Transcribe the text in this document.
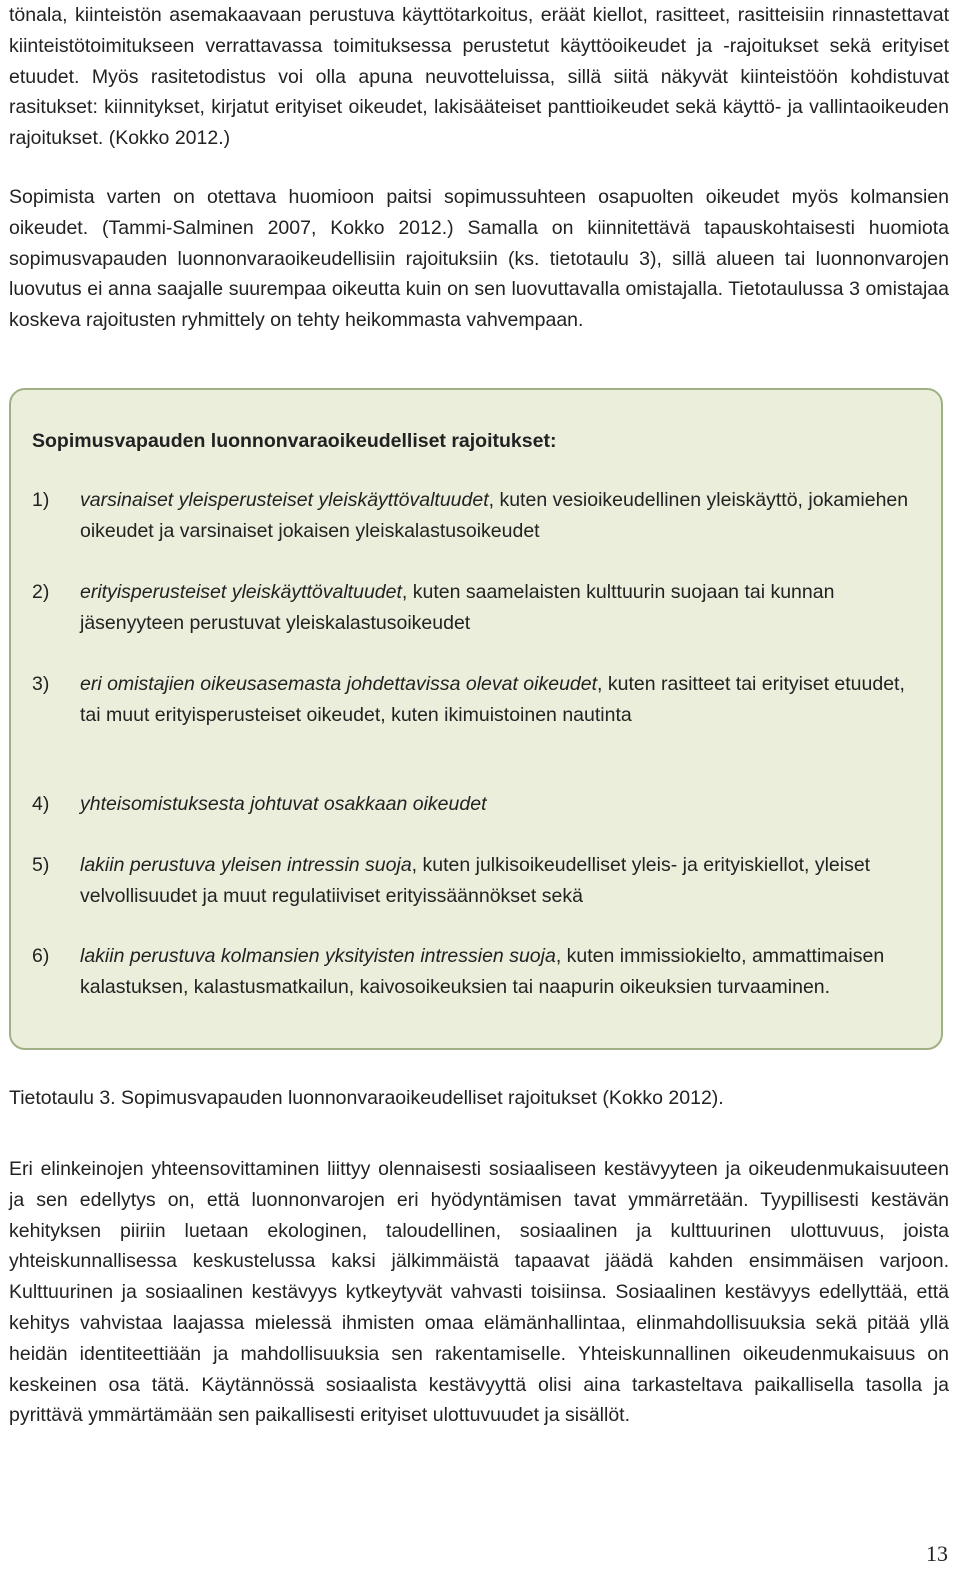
tönala, kiinteistön asemakaavaan perustuva käyttötarkoitus, eräät kiellot, rasitteet, rasitteisiin rinnastettavat kiinteistötoimitukseen verrattavassa toimituksessa perustetut käyttöoikeudet ja -rajoitukset sekä erityiset etuudet. Myös rasitetodistus voi olla apuna neuvotteluissa, sillä siitä näkyvät kiinteistöön kohdistuvat rasitukset: kiinnitykset, kirjatut erityiset oikeudet, lakisääteiset panttioikeudet sekä käyttö- ja vallintaoikeuden rajoitukset. (Kokko 2012.)

Sopimista varten on otettava huomioon paitsi sopimussuhteen osapuolten oikeudet myös kolmansien oikeudet. (Tammi-Salminen 2007, Kokko 2012.) Samalla on kiinnitettävä tapauskohtaisesti huomiota sopimusvapauden luonnonvaraoikeudellisiin rajoituksiin (ks. tietotaulu 3), sillä alueen tai luonnonvarojen luovutus ei anna saajalle suurempaa oikeutta kuin on sen luovuttavalla omistajalla. Tietotaulussa 3 omistajaa koskeva rajoitusten ryhmittely on tehty heikommasta vahvempaan.

Sopimusvapauden luonnonvaraoikeudelliset rajoitukset:

1) varsinaiset yleisperusteiset yleiskäyttövaltuudet, kuten vesioikeudellinen yleiskäyttö, jokamiehen oikeudet ja varsinaiset jokaisen yleiskalastusoikeudet
2) erityisperusteiset yleiskäyttövaltuudet, kuten saamelaisten kulttuurin suojaan tai kunnan jäsenyyteen perustuvat yleiskalastusoikeudet
3) eri omistajien oikeusasemasta johdettavissa olevat oikeudet, kuten rasitteet tai erityiset etuudet, tai muut erityisperusteiset oikeudet, kuten ikimuistoinen nautinta
4) yhteisomistuksesta johtuvat osakkaan oikeudet
5) lakiin perustuva yleisen intressin suoja, kuten julkisoikeudelliset yleis- ja erityiskiellot, yleiset velvollisuudet ja muut regulatiiviset erityissäännökset sekä
6) lakiin perustuva kolmansien yksityisten intressien suoja, kuten immissiokielto, ammattimaisen kalastuksen, kalastusmatkailun, kaivosoikeuksien tai naapurin oikeuksien turvaaminen.

Tietotaulu 3. Sopimusvapauden luonnonvaraoikeudelliset rajoitukset (Kokko 2012).

Eri elinkeinojen yhteensovittaminen liittyy olennaisesti sosiaaliseen kestävyyteen ja oikeudenmukaisuuteen ja sen edellytys on, että luonnonvarojen eri hyödyntämisen tavat ymmärretään. Tyypillisesti kestävän kehityksen piiriin luetaan ekologinen, taloudellinen, sosiaalinen ja kulttuurinen ulottuvuus, joista yhteiskunnallisessa keskustelussa kaksi jälkimmäistä tapaavat jäädä kahden ensimmäisen varjoon. Kulttuurinen ja sosiaalinen kestävyys kytkeytyvät vahvasti toisiinsa. Sosiaalinen kestävyys edellyttää, että kehitys vahvistaa laajassa mielessä ihmisten omaa elämänhallintaa, elinmahdollisuuksia sekä pitää yllä heidän identiteettiään ja mahdollisuuksia sen rakentamiselle. Yhteiskunnallinen oikeudenmukaisuus on keskeinen osa tätä. Käytännössä sosiaalista kestävyyttä olisi aina tarkasteltava paikallisella tasolla ja pyrittävä ymmärtämään sen paikallisesti erityiset ulottuvuudet ja sisällöt.

13
